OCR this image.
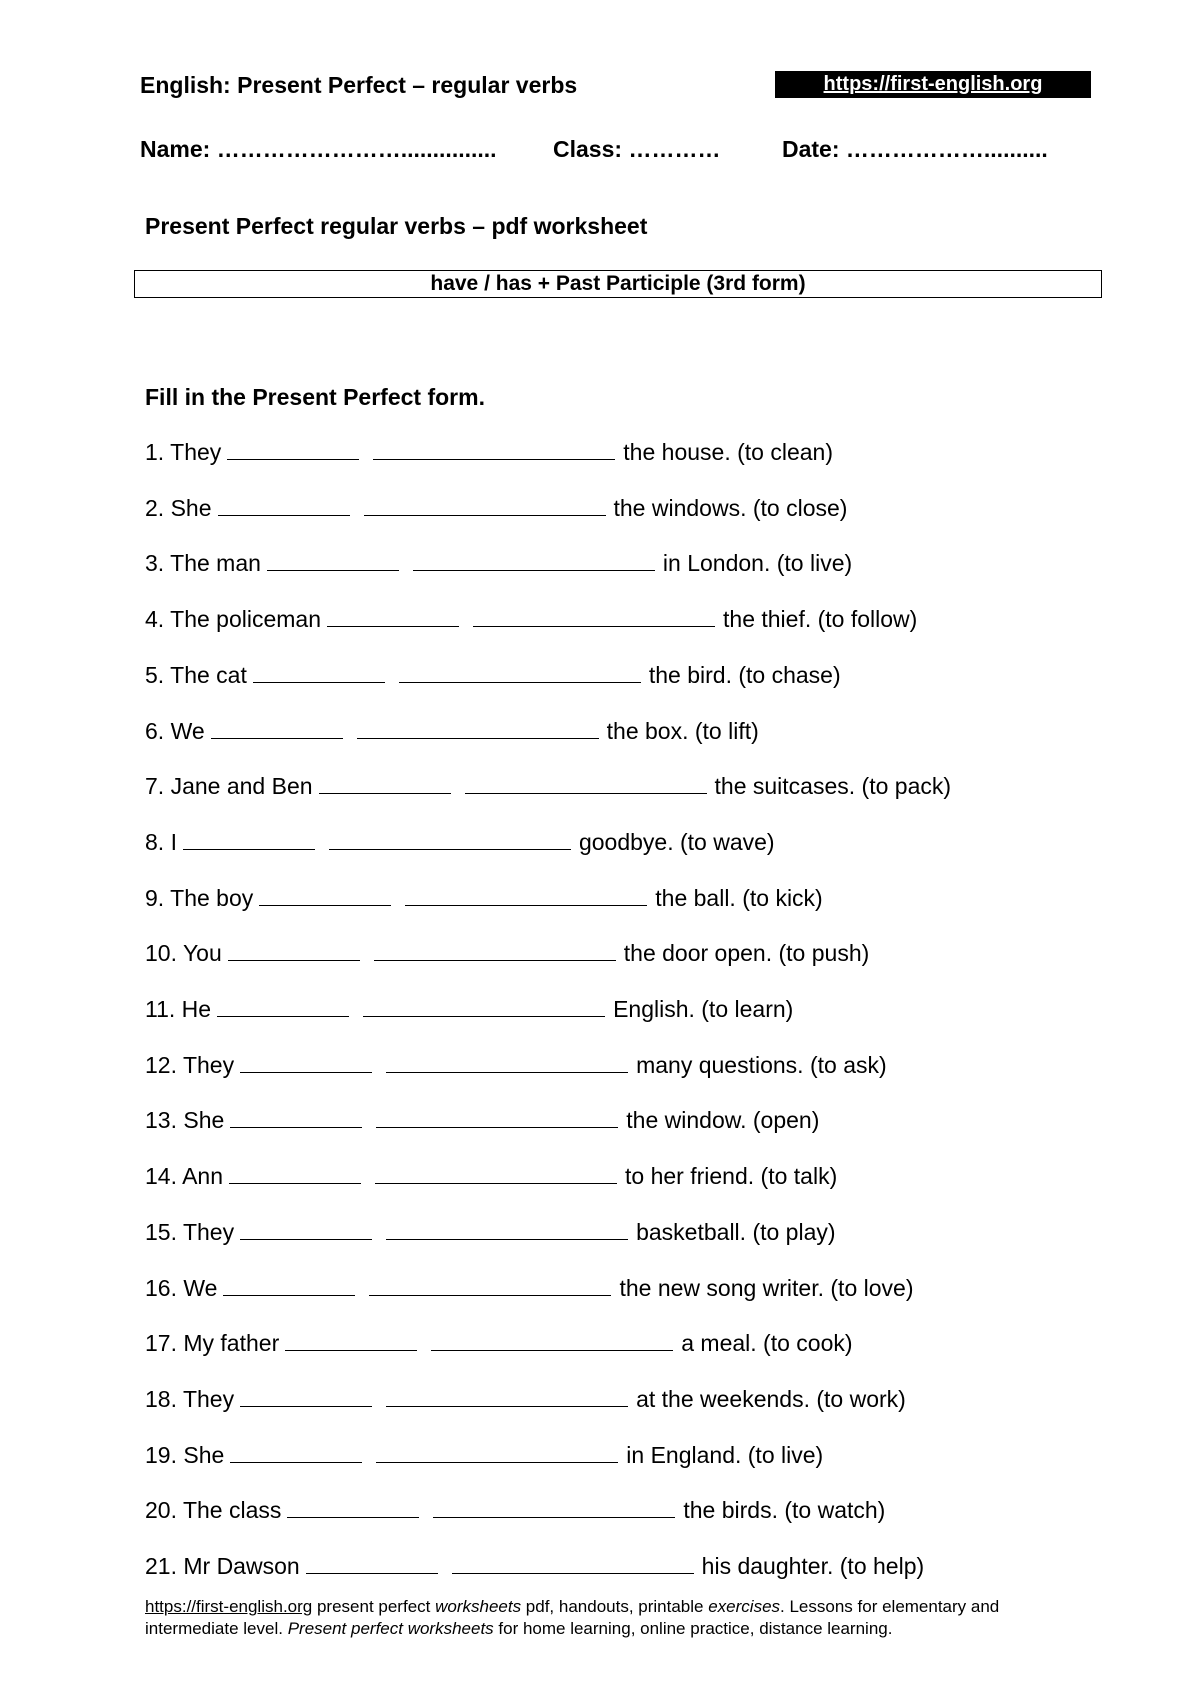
English: Present Perfect – regular verbs	https://first-english.org
Name: ……………………............... Class: …………	Date: ………………..........
Present Perfect regular verbs – pdf worksheet
have / has + Past Participle (3rd form)
Fill in the Present Perfect form.
1. They	the house. (to clean)
2. She	the windows. (to close)
3. The man	in London. (to live)
4. The policeman	the thief. (to follow)
5. The cat	the bird. (to chase)
6. We	the box. (to lift)
7. Jane and Ben	the suitcases. (to pack)
8. I	goodbye. (to wave)
9. The boy	the ball. (to kick)
10. You	the door open. (to push)
11. He	English. (to learn)
12. They	many questions. (to ask)
13. She	the window. (open)
14. Ann	to her friend. (to talk)
15. They	basketball. (to play)
16. We	the new song writer. (to love)
17. My father	a meal. (to cook)
18. They	at the weekends. (to work)
19. She	in England. (to live)
20. The class	the birds. (to watch)
21. Mr Dawson	his daughter. (to help)
https://first-english.org present perfect worksheets pdf, handouts, printable exercises. Lessons for elementary and intermediate level. Present perfect worksheets for home learning, online practice, distance learning.
